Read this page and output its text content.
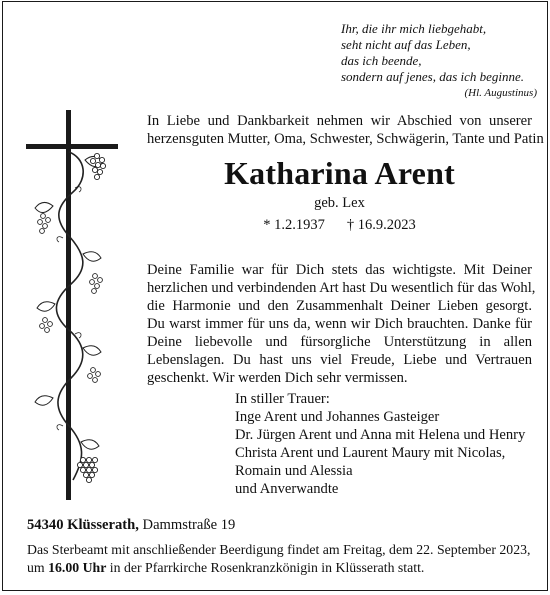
Ihr, die ihr mich liebgehabt,
seht nicht auf das Leben,
das ich beende,
sondern auf jenes, das ich beginne.
(Hl. Augustinus)
In Liebe und Dankbarkeit nehmen wir Abschied von unserer
herzensguten Mutter, Oma, Schwester, Schwägerin, Tante und Patin
Katharina Arent
geb. Lex
* 1.2.1937 † 16.9.2023
Deine Familie war für Dich stets das wichtigste. Mit Deiner
herzlichen und verbindenden Art hast Du wesentlich für das Wohl,
die Harmonie und den Zusammenhalt Deiner Lieben gesorgt.
Du warst immer für uns da, wenn wir Dich brauchten. Danke für
Deine liebevolle und fürsorgliche Unterstützung in allen
Lebenslagen. Du hast uns viel Freude, Liebe und Vertrauen
geschenkt. Wir werden Dich sehr vermissen.
In stiller Trauer:
Inge Arent und Johannes Gasteiger
Dr. Jürgen Arent und Anna mit Helena und Henry
Christa Arent und Laurent Maury mit Nicolas,
Romain und Alessia
und Anverwandte
54340 Klüsserath, Dammstraße 19
Das Sterbeamt mit anschließender Beerdigung findet am Freitag, dem 22. September 2023,
um 16.00 Uhr in der Pfarrkirche Rosenkranzkönigin in Klüsserath statt.
